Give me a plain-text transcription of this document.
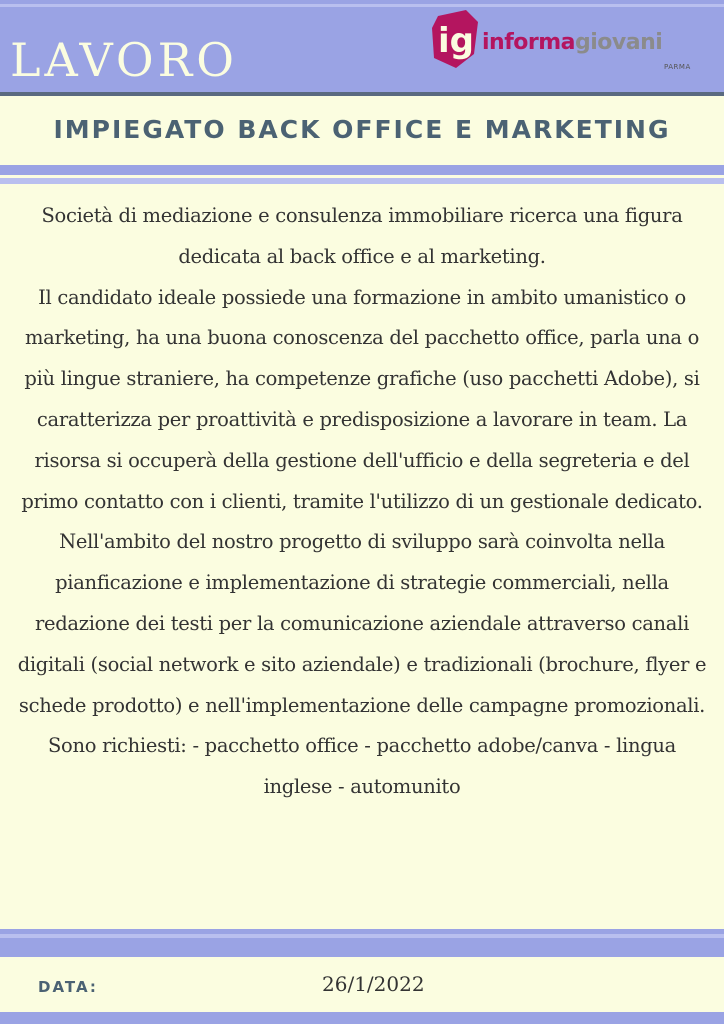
LAVORO	ig informagiovani
PARMA
IMPIEGATO BACK OFFICE E MARKETING

Società di mediazione e consulenza immobiliare ricerca una figura dedicata al back office e al marketing.

Il candidato ideale possiede una formazione in ambito umanistico o marketing, ha una buona conoscenza del pacchetto office, parla una o più lingue straniere, ha competenze grafiche (uso pacchetti Adobe), si caratterizza per proattività e predisposizione a lavorare in team. La risorsa si occuperà della gestione dell'ufficio e della segreteria e del primo contatto con i clienti, tramite l'utilizzo di un gestionale dedicato.

Nell'ambito del nostro progetto di sviluppo sarà coinvolta nella pianficazione e implementazione di strategie commerciali, nella redazione dei testi per la comunicazione aziendale attraverso canali digitali (social network e sito aziendale) e tradizionali (brochure, flyer e schede prodotto) e nell'implementazione delle campagne promozionali. Sono richiesti: - pacchetto office - pacchetto adobe/canva - lingua inglese - automunito

DATA:	26/1/2022
